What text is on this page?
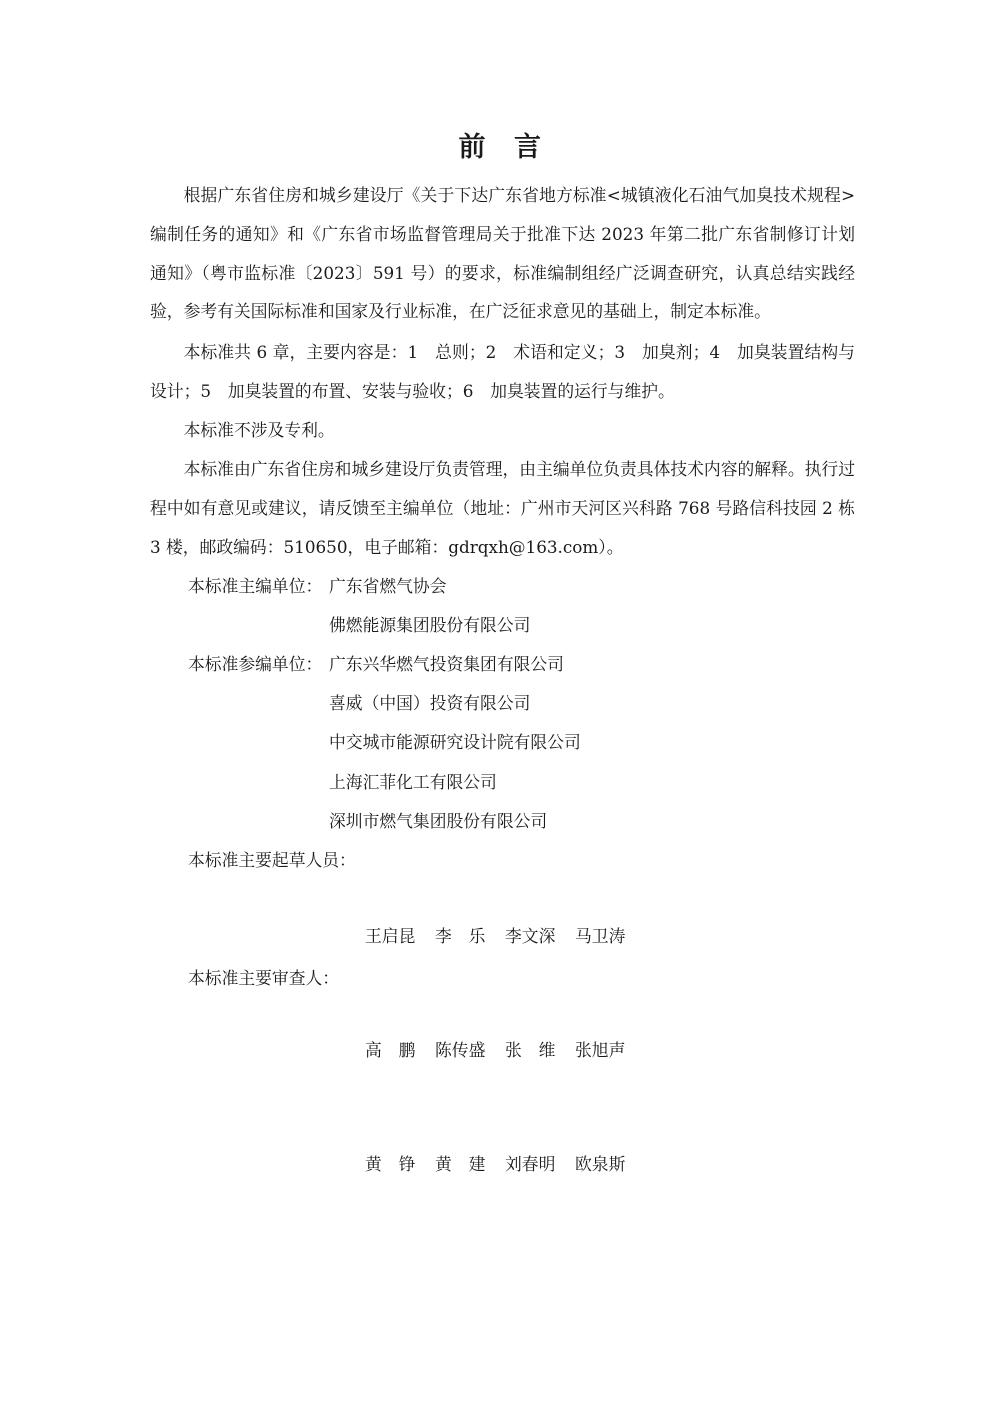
前 言
根据广东省住房和城乡建设厅《关于下达广东省地方标准<城镇液化石油气加臭技术规程>编制任务的通知》和《广东省市场监督管理局关于批准下达 2023 年第二批广东省制修订计划通知》（粤市监标准〔2023〕591 号）的要求，标准编制组经广泛调查研究，认真总结实践经验，参考有关国际标准和国家及行业标准，在广泛征求意见的基础上，制定本标准。
本标准共 6 章，主要内容是：1　总则；2　术语和定义；3　加臭剂；4　加臭装置结构与设计；5　加臭装置的布置、安装与验收；6　加臭装置的运行与维护。
本标准不涉及专利。
本标准由广东省住房和城乡建设厅负责管理，由主编单位负责具体技术内容的解释。执行过程中如有意见或建议，请反馈至主编单位（地址：广州市天河区兴科路 768 号路信科技园 2 栋 3 楼，邮政编码：510650，电子邮箱：gdrqxh@163.com）。
本标准主编单位： 广东省燃气协会
佛燃能源集团股份有限公司
本标准参编单位： 广东兴华燃气投资集团有限公司
喜威（中国）投资有限公司
中交城市能源研究设计院有限公司
上海汇菲化工有限公司
深圳市燃气集团股份有限公司
本标准主要起草人员：

王启昆	李　乐	李文深	马卫涛

高　鹏	陈传盛	张　维	张旭声

黄　铮	黄　建	刘春明	欧泉斯

本标准主要审查人：
